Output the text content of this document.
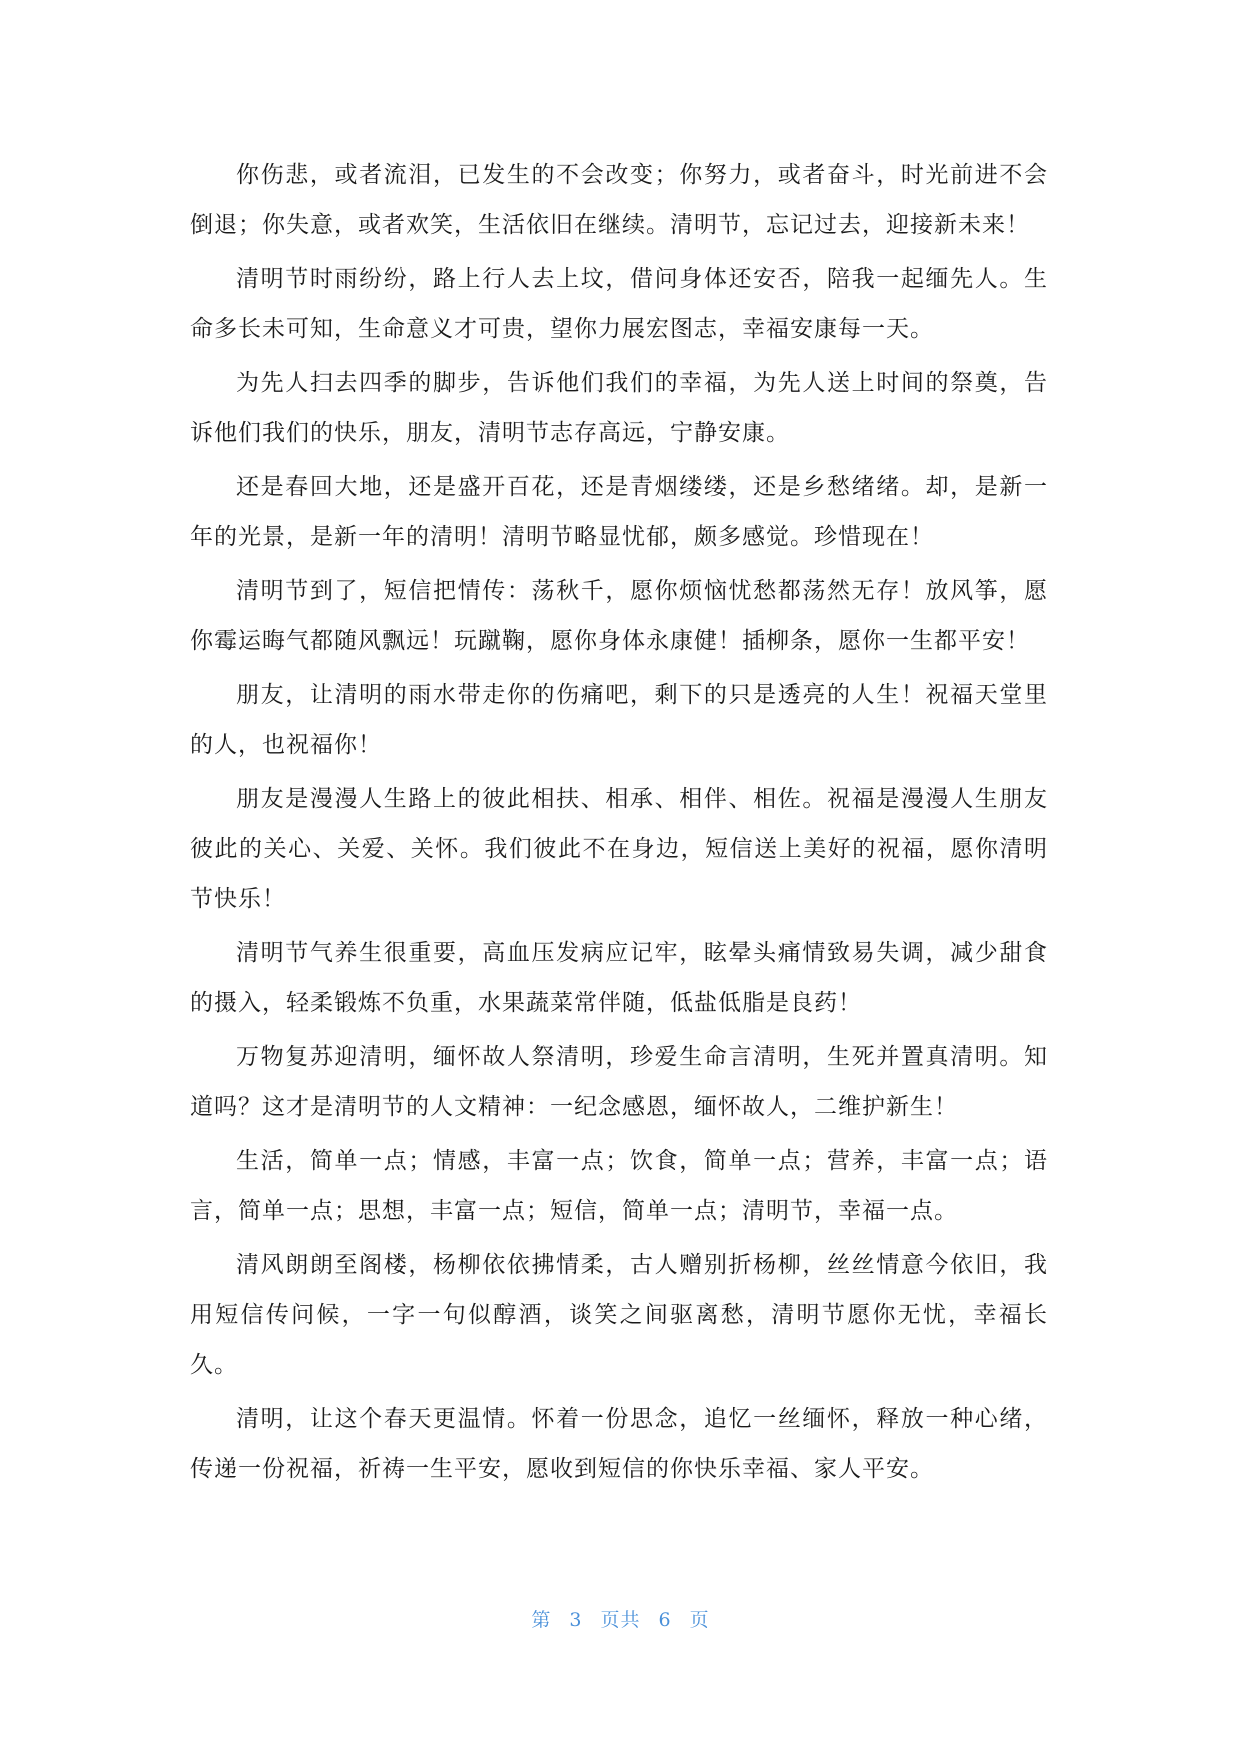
你伤悲，或者流泪，已发生的不会改变；你努力，或者奋斗，时光前进不会倒退；你失意，或者欢笑，生活依旧在继续。清明节，忘记过去，迎接新未来！

清明节时雨纷纷，路上行人去上坟，借问身体还安否，陪我一起缅先人。生命多长未可知，生命意义才可贵，望你力展宏图志，幸福安康每一天。

为先人扫去四季的脚步，告诉他们我们的幸福，为先人送上时间的祭奠，告诉他们我们的快乐，朋友，清明节志存高远，宁静安康。

还是春回大地，还是盛开百花，还是青烟缕缕，还是乡愁绪绪。却，是新一年的光景，是新一年的清明！清明节略显忧郁，颇多感觉。珍惜现在！

清明节到了，短信把情传：荡秋千，愿你烦恼忧愁都荡然无存！放风筝，愿你霉运晦气都随风飘远！玩蹴鞠，愿你身体永康健！插柳条，愿你一生都平安！

朋友，让清明的雨水带走你的伤痛吧，剩下的只是透亮的人生！祝福天堂里的人，也祝福你！

朋友是漫漫人生路上的彼此相扶、相承、相伴、相佐。祝福是漫漫人生朋友彼此的关心、关爱、关怀。我们彼此不在身边，短信送上美好的祝福，愿你清明节快乐！

清明节气养生很重要，高血压发病应记牢，眩晕头痛情致易失调，减少甜食的摄入，轻柔锻炼不负重，水果蔬菜常伴随，低盐低脂是良药！

万物复苏迎清明，缅怀故人祭清明，珍爱生命言清明，生死并置真清明。知道吗？这才是清明节的人文精神：一纪念感恩，缅怀故人，二维护新生！

生活，简单一点；情感，丰富一点；饮食，简单一点；营养，丰富一点；语言，简单一点；思想，丰富一点；短信，简单一点；清明节，幸福一点。

清风朗朗至阁楼，杨柳依依拂情柔，古人赠别折杨柳，丝丝情意今依旧，我用短信传问候，一字一句似醇酒，谈笑之间驱离愁，清明节愿你无忧，幸福长久。

清明，让这个春天更温情。怀着一份思念，追忆一丝缅怀，释放一种心绪，传递一份祝福，祈祷一生平安，愿收到短信的你快乐幸福、家人平安。

第 3 页共 6 页
